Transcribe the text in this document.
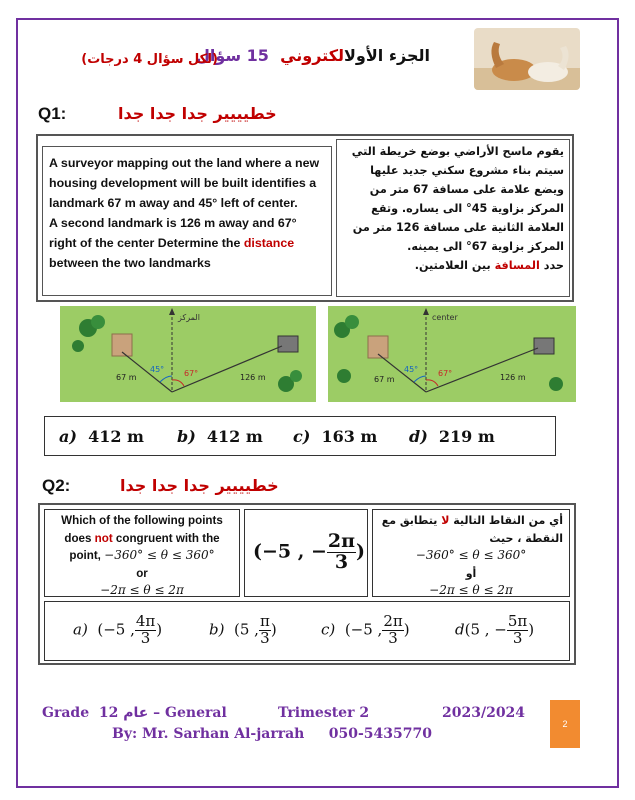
الجزء الأولالكتروني  15 سؤال
(لكل سؤال 4 درجات)
Q1:	خطيييير جدا جدا جدا
A surveyor mapping out the land where a new housing development will be built identifies a landmark 67 m away and 45° left of center.
A second landmark is 126 m away and 67° right of the center Determine the distance between the two landmarks
يقوم ماسح الأراضي بوضع خريطة التي سيتم بناء مشروع سكني جديد عليها ويضع علامة على مسافة 67 متر من المركز بزاوية 45° الى يساره. وتقع العلامة الثانية على مسافة 126 متر من المركز بزاوية 67° الى يمينه.
حدد المسافة بين العلامتين.
المركز
45° 67°
67 m	126 m
center
45° 67°
67 m	126 m
a) 412 m b) 412 m c) 163 m d) 219 m
Q2:	خطيييير جدا جدا جدا
Which of the following points
does not congruent with the
point, −360° ≤ θ ≤ 360°
or
−2π ≤ θ ≤ 2π
(−5 , − $\frac{2\pi}{3}$ )
أي من النقاط التالية لا يتطابق مع النقطة ، حيث
−360° ≤ θ ≤ 360°
أو
−2π ≤ θ ≤ 2π
a) (−5 , $\frac{4\pi}{3}$ )	b) (5 , $\frac{\pi}{3}$ )	c) (−5 , $\frac{2\pi}{3}$ )	d(5 , − $\frac{5\pi}{3}$ )
Grade عام 12 – General	Trimester 2	2023/2024
By: Mr. Sarhan Al-jarrah 050-5435770
2
